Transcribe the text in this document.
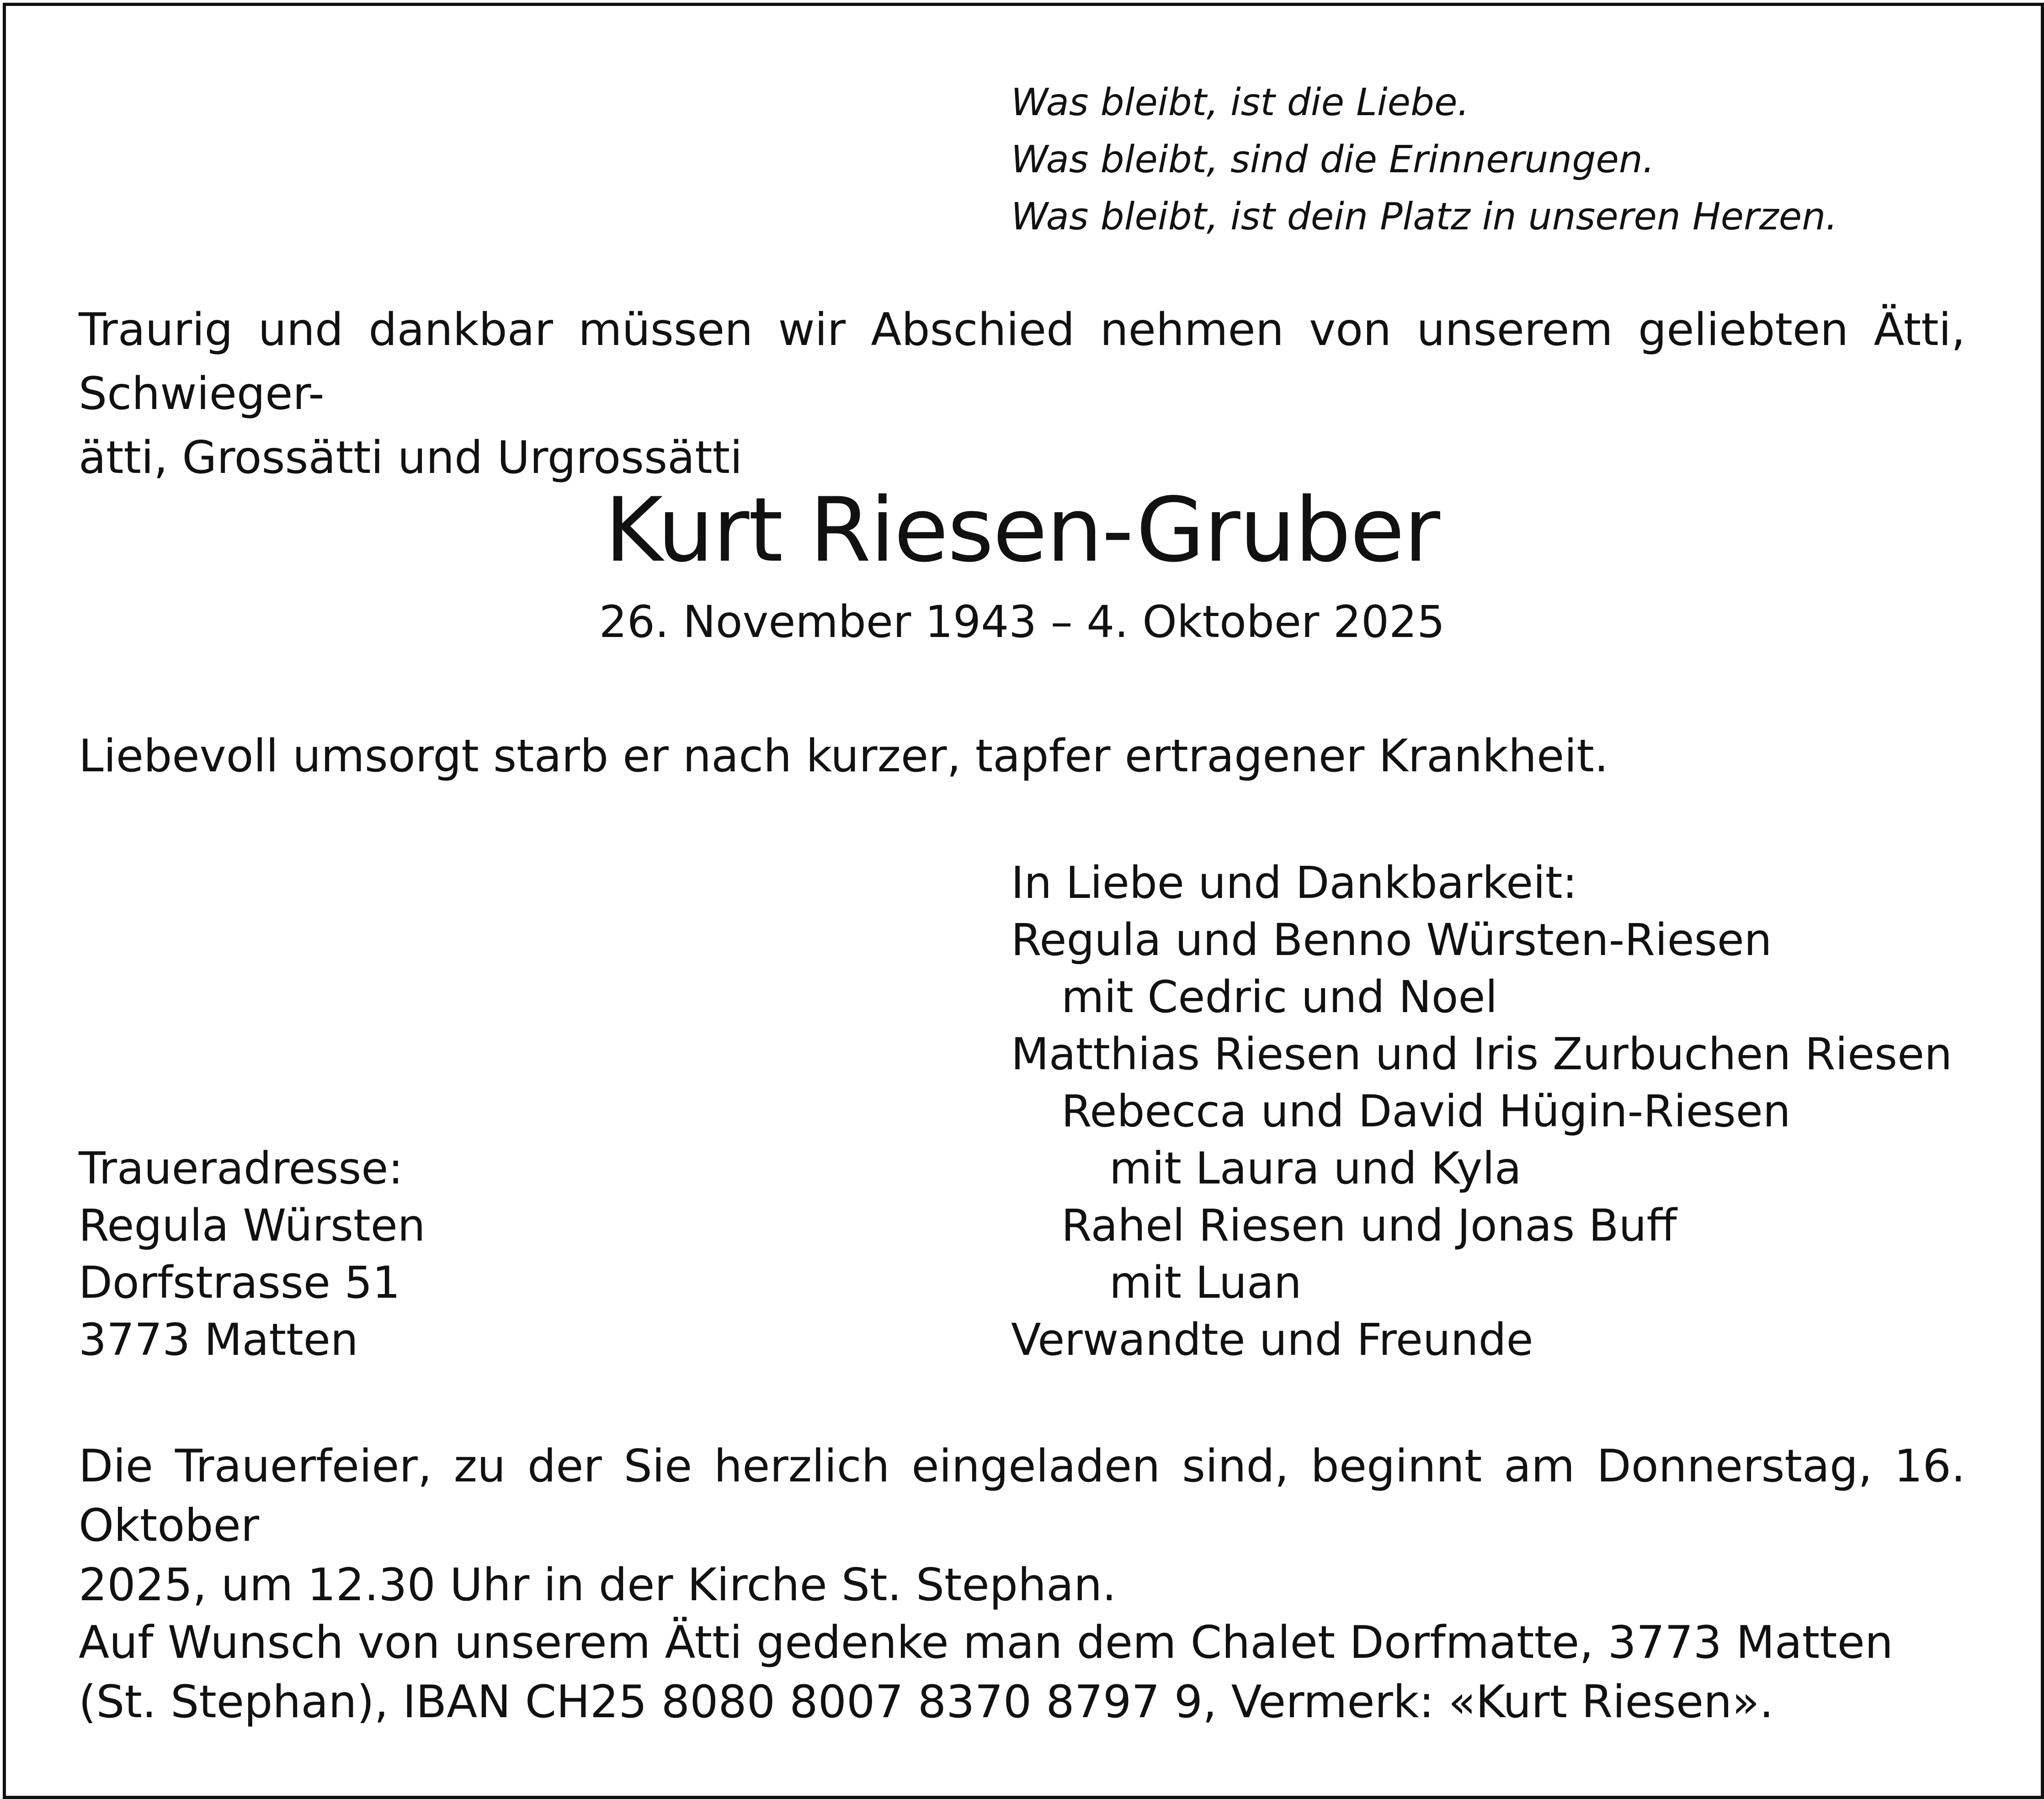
Was bleibt, ist die Liebe.
Was bleibt, sind die Erinnerungen.
Was bleibt, ist dein Platz in unseren Herzen.
Traurig und dankbar müssen wir Abschied nehmen von unserem geliebten Ätti, Schwieger-
ätti, Grossätti und Urgrossätti
Kurt Riesen-Gruber
26. November 1943 – 4. Oktober 2025
Liebevoll umsorgt starb er nach kurzer, tapfer ertragener Krankheit.
In Liebe und Dankbarkeit:
Regula und Benno Würsten-Riesen
mit Cedric und Noel
Matthias Riesen und Iris Zurbuchen Riesen
Rebecca und David Hügin-Riesen
mit Laura und Kyla
Rahel Riesen und Jonas Buff
mit Luan
Verwandte und Freunde
Traueradresse:
Regula Würsten
Dorfstrasse 51
3773 Matten
Die Trauerfeier, zu der Sie herzlich eingeladen sind, beginnt am Donnerstag, 16. Oktober
2025, um 12.30 Uhr in der Kirche St. Stephan.
Auf Wunsch von unserem Ätti gedenke man dem Chalet Dorfmatte, 3773 Matten
(St. Stephan), IBAN CH25 8080 8007 8370 8797 9, Vermerk: «Kurt Riesen».
